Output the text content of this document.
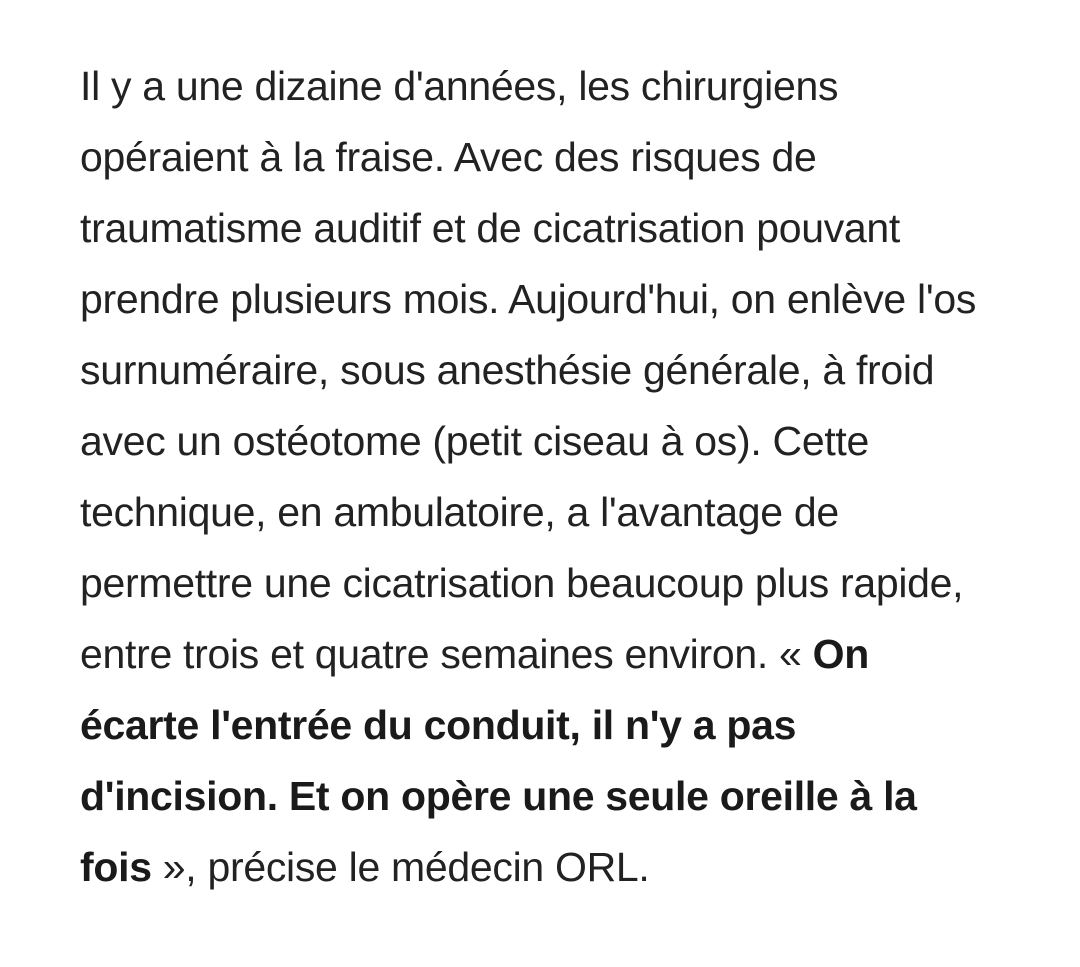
Il y a une dizaine d'années, les chirurgiens opéraient à la fraise. Avec des risques de traumatisme auditif et de cicatrisation pouvant prendre plusieurs mois. Aujourd'hui, on enlève l'os surnuméraire, sous anesthésie générale, à froid avec un ostéotome (petit ciseau à os). Cette technique, en ambulatoire, a l'avantage de permettre une cicatrisation beaucoup plus rapide, entre trois et quatre semaines environ. « On écarte l'entrée du conduit, il n'y a pas d'incision. Et on opère une seule oreille à la fois », précise le médecin ORL.
